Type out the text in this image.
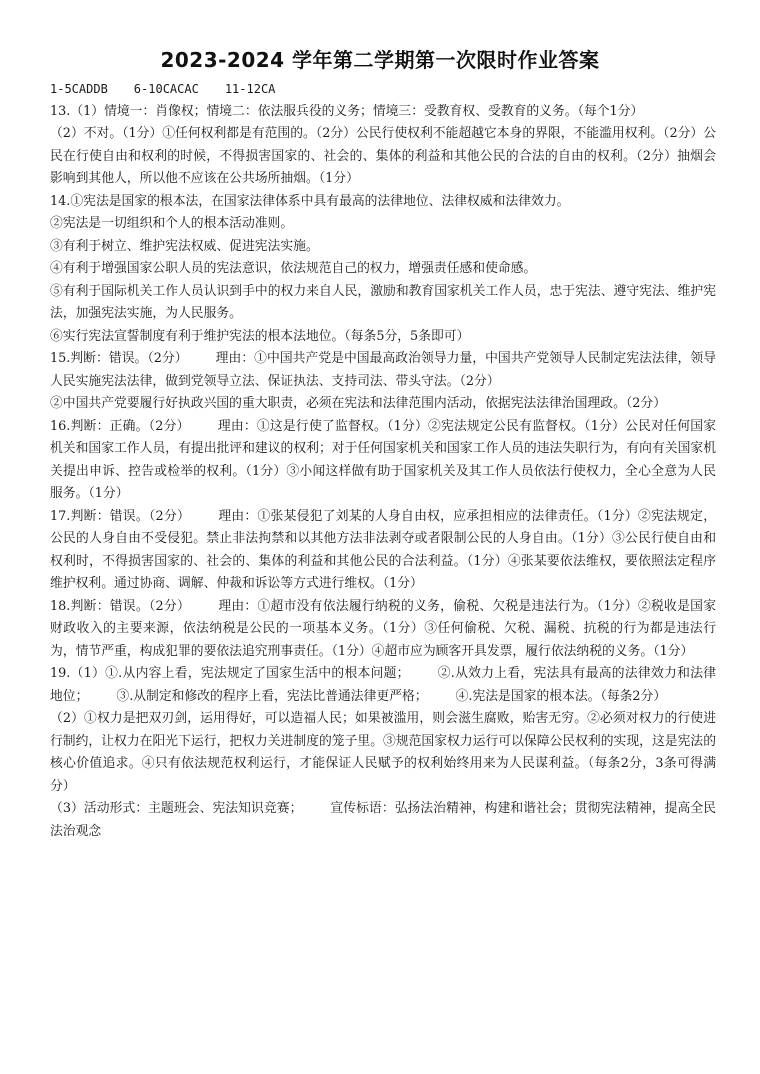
2023-2024 学年第二学期第一次限时作业答案

1-5CADDB 6-10CACAC 11-12CA

13.（1）情境一：肖像权；情境二：依法服兵役的义务；情境三：受教育权、受教育的义务。（每个1分）

（2）不对。（1分）①任何权利都是有范围的。（2分）公民行使权利不能超越它本身的界限，不能滥用权利。（2分）公民在行使自由和权利的时候，不得损害国家的、社会的、集体的利益和其他公民的合法的自由的权利。（2分）抽烟会影响到其他人，所以他不应该在公共场所抽烟。（1分）

14.①宪法是国家的根本法，在国家法律体系中具有最高的法律地位、法律权威和法律效力。

②宪法是一切组织和个人的根本活动准则。

③有利于树立、维护宪法权威、促进宪法实施。

④有利于增强国家公职人员的宪法意识，依法规范自己的权力，增强责任感和使命感。

⑤有利于国际机关工作人员认识到手中的权力来自人民，激励和教育国家机关工作人员，忠于宪法、遵守宪法、维护宪法，加强宪法实施，为人民服务。

⑥实行宪法宣誓制度有利于维护宪法的根本法地位。（每条5分，5条即可）

15.判断：错误。（2分） 理由：①中国共产党是中国最高政治领导力量，中国共产党领导人民制定宪法法律，领导人民实施宪法法律，做到党领导立法、保证执法、支持司法、带头守法。（2分）

②中国共产党要履行好执政兴国的重大职责，必须在宪法和法律范围内活动，依据宪法法律治国理政。（2分）

16.判断：正确。（2分） 理由：①这是行使了监督权。（1分）②宪法规定公民有监督权。（1分）公民对任何国家机关和国家工作人员，有提出批评和建议的权利；对于任何国家机关和国家工作人员的违法失职行为，有向有关国家机关提出申诉、控告或检举的权利。（1分）③小闻这样做有助于国家机关及其工作人员依法行使权力，全心全意为人民服务。（1分）

17.判断：错误。（2分） 理由：①张某侵犯了刘某的人身自由权，应承担相应的法律责任。（1分）②宪法规定，公民的人身自由不受侵犯。禁止非法拘禁和以其他方法非法剥夺或者限制公民的人身自由。（1分）③公民行使自由和权利时，不得损害国家的、社会的、集体的利益和其他公民的合法利益。（1分）④张某要依法维权，要依照法定程序维护权利。通过协商、调解、仲裁和诉讼等方式进行维权。（1分）

18.判断：错误。（2分） 理由：①超市没有依法履行纳税的义务，偷税、欠税是违法行为。（1分）②税收是国家财政收入的主要来源，依法纳税是公民的一项基本义务。（1分）③任何偷税、欠税、漏税、抗税的行为都是违法行为，情节严重，构成犯罪的要依法追究刑事责任。（1分）④超市应为顾客开具发票，履行依法纳税的义务。（1分）

19.（1）①.从内容上看，宪法规定了国家生活中的根本问题； ②.从效力上看，宪法具有最高的法律效力和法律地位； ③.从制定和修改的程序上看，宪法比普通法律更严格； ④.宪法是国家的根本法。（每条2分）

（2）①权力是把双刃剑，运用得好，可以造福人民；如果被滥用，则会滋生腐败，贻害无穷。②必须对权力的行使进行制约，让权力在阳光下运行，把权力关进制度的笼子里。③规范国家权力运行可以保障公民权利的实现，这是宪法的核心价值追求。④只有依法规范权利运行，才能保证人民赋予的权利始终用来为人民谋利益。（每条2分，3条可得满分）

（3）活动形式：主题班会、宪法知识竞赛； 宣传标语：弘扬法治精神，构建和谐社会；贯彻宪法精神，提高全民法治观念
